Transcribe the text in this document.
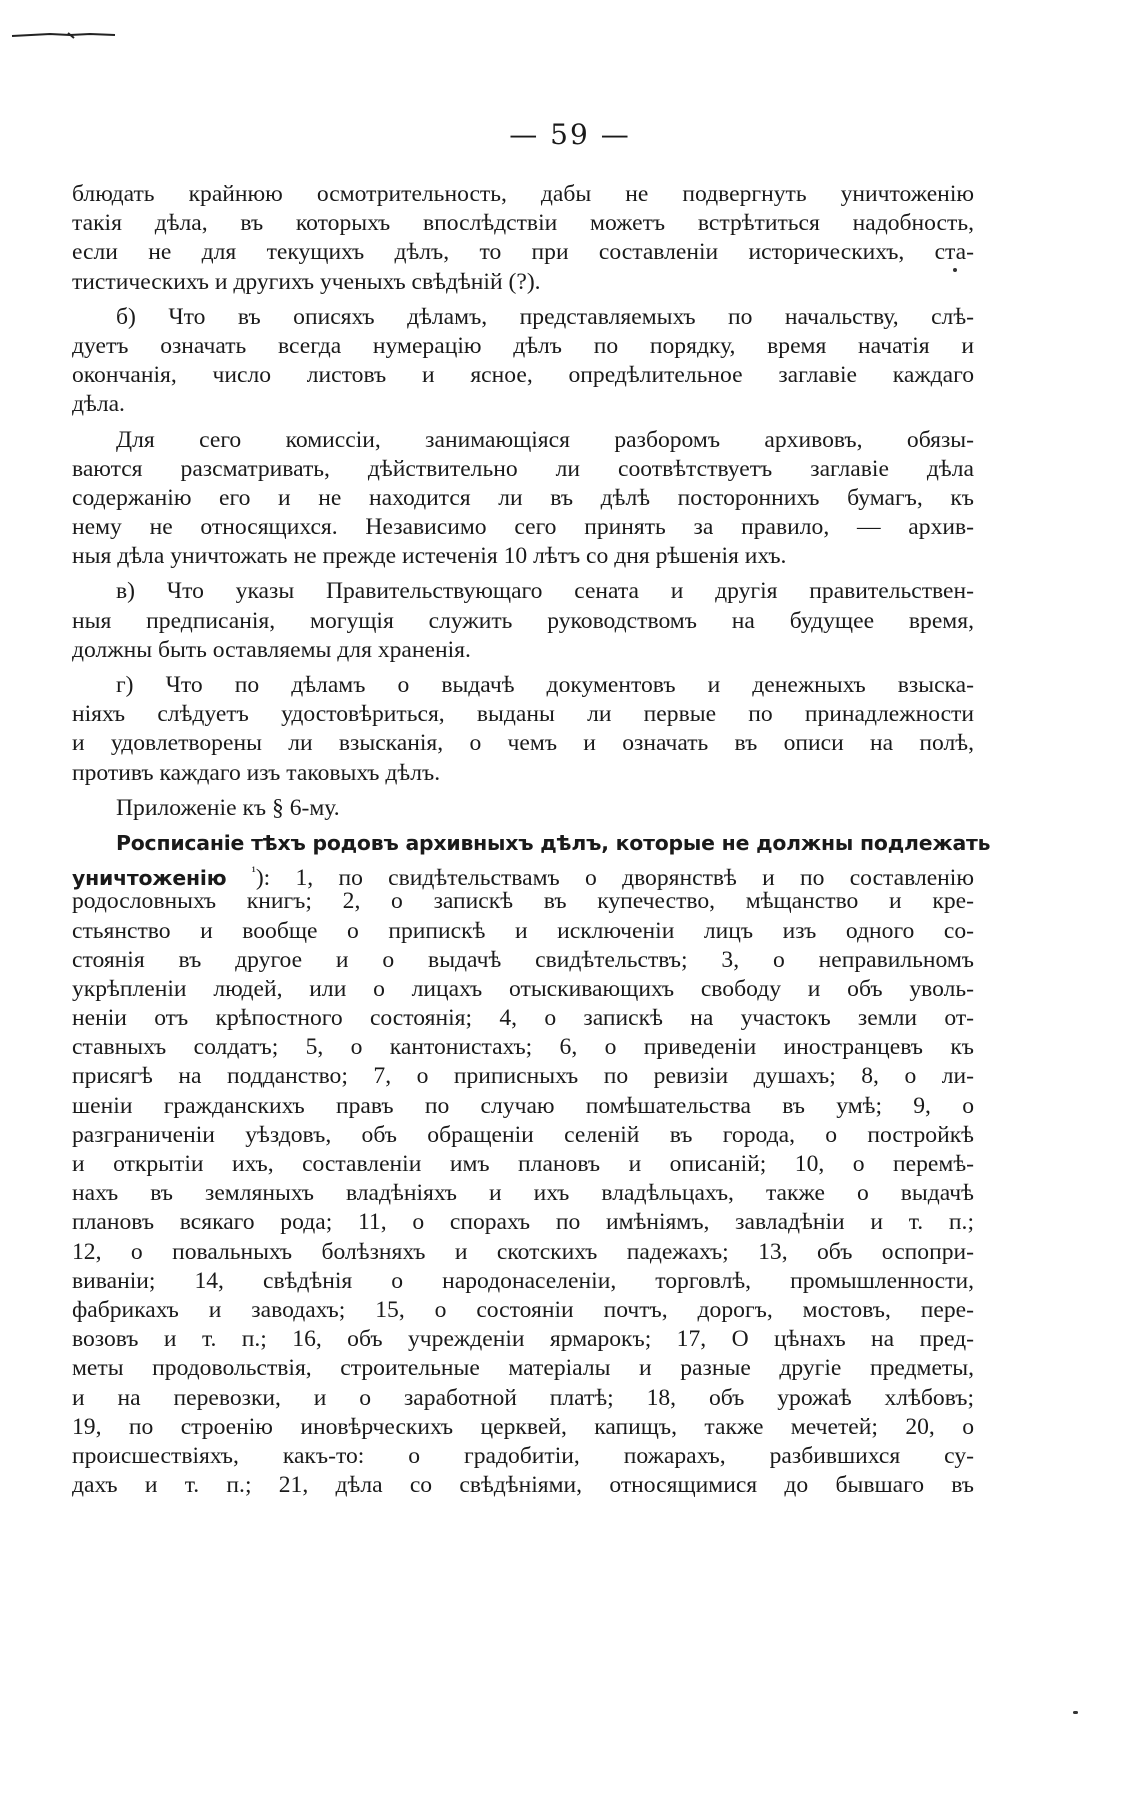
— 59 —
блюдать крайнюю осмотрительность, дабы не подвергнуть уничтоженію
такія дѣла, въ которыхъ впослѣдствіи можетъ встрѣтиться надобность,
если не для текущихъ дѣлъ, то при составленіи историческихъ, ста-
тистическихъ и другихъ ученыхъ свѣдѣній (?).
б) Что въ описяхъ дѣламъ, представляемыхъ по начальству, слѣ-
дуетъ означать всегда нумерацію дѣлъ по порядку, время начатія и
окончанія, число листовъ и ясное, опредѣлительное заглавіе каждаго
дѣла.
Для сего комиссіи, занимающіяся разборомъ архивовъ, обязы-
ваются разсматривать, дѣйствительно ли соотвѣтствуетъ заглавіе дѣла
содержанію его и не находится ли въ дѣлѣ постороннихъ бумагъ, къ
нему не относящихся. Независимо сего принять за правило, — архив-
ныя дѣла уничтожать не прежде истеченія 10 лѣтъ со дня рѣшенія ихъ.
в) Что указы Правительствующаго сената и другія правительствен-
ныя предписанія, могущія служить руководствомъ на будущее время,
должны быть оставляемы для храненія.
г) Что по дѣламъ о выдачѣ документовъ и денежныхъ взыска-
ніяхъ слѣдуетъ удостовѣриться, выданы ли первые по принадлежности
и удовлетворены ли взысканія, о чемъ и означать въ описи на полѣ,
противъ каждаго изъ таковыхъ дѣлъ.
Приложеніе къ § 6-му.
Росписаніе тѣхъ родовъ архивныхъ дѣлъ, которые не должны подлежать
уничтоженію $^{^1}$): 1, по свидѣтельствамъ о дворянствѣ и по составленію
родословныхъ книгъ; 2, о запискѣ въ купечество, мѣщанство и кре-
стьянство и вообще о припискѣ и исключеніи лицъ изъ одного со-
стоянія въ другое и о выдачѣ свидѣтельствъ; 3, о неправильномъ
укрѣпленіи людей, или о лицахъ отыскивающихъ свободу и объ уволь-
неніи отъ крѣпостного состоянія; 4, о запискѣ на участокъ земли от-
ставныхъ солдатъ; 5, о кантонистахъ; 6, о приведеніи иностранцевъ къ
присягѣ на подданство; 7, о приписныхъ по ревизіи душахъ; 8, о ли-
шеніи гражданскихъ правъ по случаю помѣшательства въ умѣ; 9, о
разграниченіи уѣздовъ, объ обращеніи селеній въ города, о постройкѣ
и открытіи ихъ, составленіи имъ плановъ и описаній; 10, о перемѣ-
нахъ въ земляныхъ владѣніяхъ и ихъ владѣльцахъ, также о выдачѣ
плановъ всякаго рода; 11, о спорахъ по имѣніямъ, завладѣніи и т. п.;
12, о повальныхъ болѣзняхъ и скотскихъ падежахъ; 13, объ оспопри-
виваніи; 14, свѣдѣнія о народонаселеніи, торговлѣ, промышленности,
фабрикахъ и заводахъ; 15, о состояніи почтъ, дорогъ, мостовъ, пере-
возовъ и т. п.; 16, объ учрежденіи ярмарокъ; 17, О цѣнахъ на пред-
меты продовольствія, строительные матеріалы и разные другіе предметы,
и на перевозки, и о заработной платѣ; 18, объ урожаѣ хлѣбовъ;
19, по строенію иновѣрческихъ церквей, капищъ, также мечетей; 20, о
происшествіяхъ, какъ-то: о градобитіи, пожарахъ, разбившихся су-
дахъ и т. п.; 21, дѣла со свѣдѣніями, относящимися до бывшаго въ
